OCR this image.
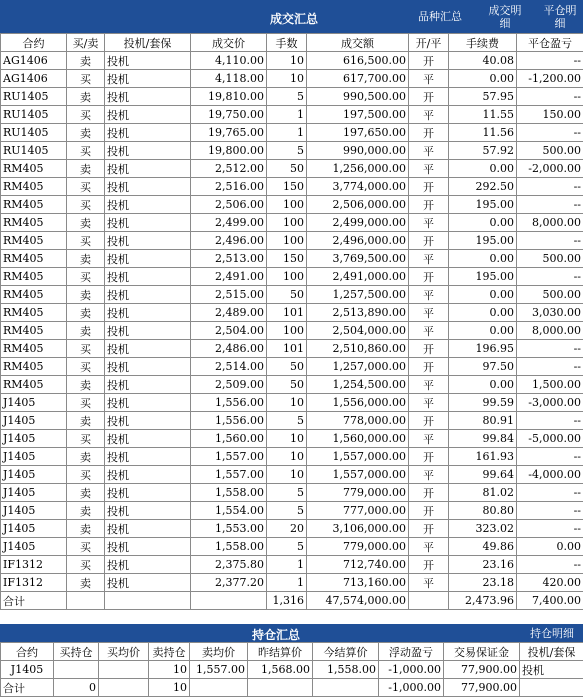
成交汇总	品种汇总 成交明细
平仓明细
合约	买/卖	投机/套保	成交价	手数	成交额	开/平	手续费	平仓盈亏
AG1406	卖	投机	4,110.00	10	616,500.00	开	40.08	--
AG1406	买	投机	4,118.00	10	617,700.00	平	0.00	-1,200.00
RU1405	卖	投机	19,810.00	5	990,500.00	开	57.95	--
RU1405	买	投机	19,750.00	1	197,500.00	平	11.55	150.00
RU1405	卖	投机	19,765.00	1	197,650.00	开	11.56	--
RU1405	买	投机	19,800.00	5	990,000.00	平	57.92	500.00
RM405	卖	投机	2,512.00	50	1,256,000.00	平	0.00	-2,000.00
RM405	买	投机	2,516.00	150	3,774,000.00	开	292.50	--
RM405	买	投机	2,506.00	100	2,506,000.00	开	195.00	--
RM405	卖	投机	2,499.00	100	2,499,000.00	平	0.00	8,000.00
RM405	买	投机	2,496.00	100	2,496,000.00	开	195.00	--
RM405	卖	投机	2,513.00	150	3,769,500.00	平	0.00	500.00
RM405	买	投机	2,491.00	100	2,491,000.00	开	195.00	--
RM405	卖	投机	2,515.00	50	1,257,500.00	平	0.00	500.00
RM405	卖	投机	2,489.00	101	2,513,890.00	平	0.00	3,030.00
RM405	卖	投机	2,504.00	100	2,504,000.00	平	0.00	8,000.00
RM405	买	投机	2,486.00	101	2,510,860.00	开	196.95	--
RM405	买	投机	2,514.00	50	1,257,000.00	开	97.50	--
RM405	卖	投机	2,509.00	50	1,254,500.00	平	0.00	1,500.00
J1405	买	投机	1,556.00	10	1,556,000.00	平	99.59	-3,000.00
J1405	卖	投机	1,556.00	5	778,000.00	开	80.91	--
J1405	买	投机	1,560.00	10	1,560,000.00	平	99.84	-5,000.00
J1405	卖	投机	1,557.00	10	1,557,000.00	开	161.93	--
J1405	买	投机	1,557.00	10	1,557,000.00	平	99.64	-4,000.00
J1405	卖	投机	1,558.00	5	779,000.00	开	81.02	--
J1405	卖	投机	1,554.00	5	777,000.00	开	80.80	--
J1405	卖	投机	1,553.00	20	3,106,000.00	开	323.02	--
J1405	买	投机	1,558.00	5	779,000.00	平	49.86	0.00
IF1312	买	投机	2,375.80	1	712,740.00	开	23.16	--
IF1312	卖	投机	2,377.20	1	713,160.00	平	23.18	420.00
合计				1,316	47,574,000.00		2,473.96	7,400.00
持仓汇总	持仓明细
合约	买持仓	买均价	卖持仓	卖均价	昨结算价	今结算价	浮动盈亏	交易保证金	投机/套保
J1405			10	1,557.00	1,568.00	1,558.00	-1,000.00	77,900.00	投机
合计	0		10				-1,000.00	77,900.00	
